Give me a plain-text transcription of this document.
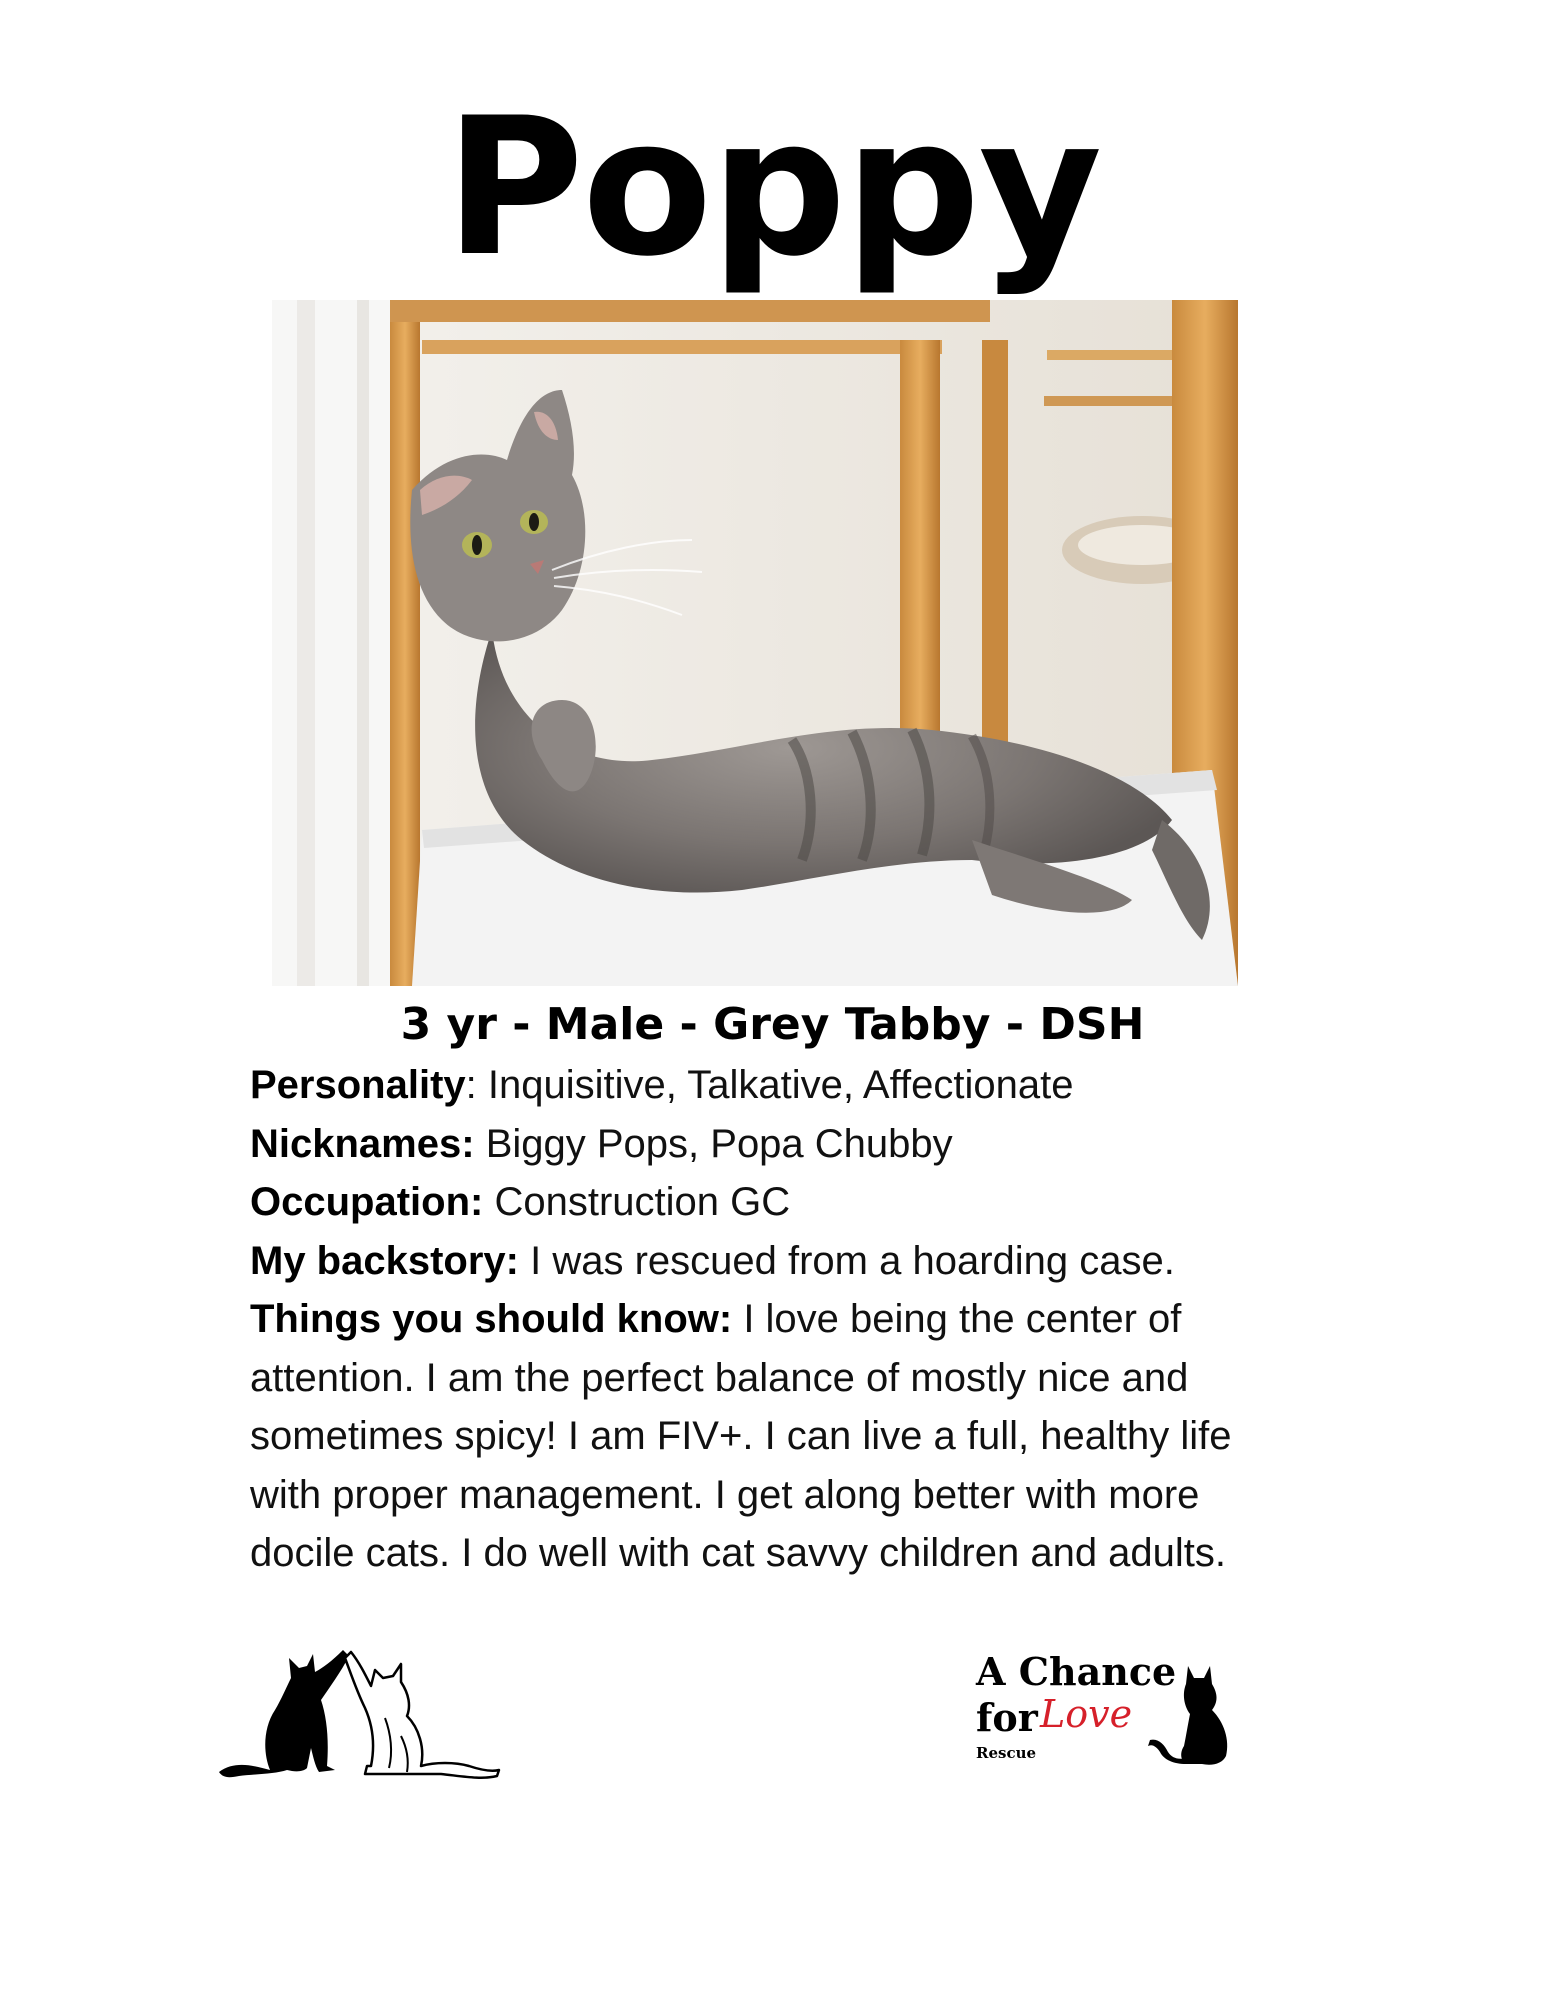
Poppy
3 yr - Male - Grey Tabby - DSH

Personality: Inquisitive, Talkative, Affectionate

Nicknames: Biggy Pops, Popa Chubby

Occupation: Construction GC

My backstory: I was rescued from a hoarding case.

Things you should know: I love being the center of attention. I am the perfect balance of mostly nice and sometimes spicy! I am FIV+. I can live a full, healthy life with proper management. I get along better with more docile cats. I do well with cat savvy children and adults.

A Chance
for Love
Rescue
